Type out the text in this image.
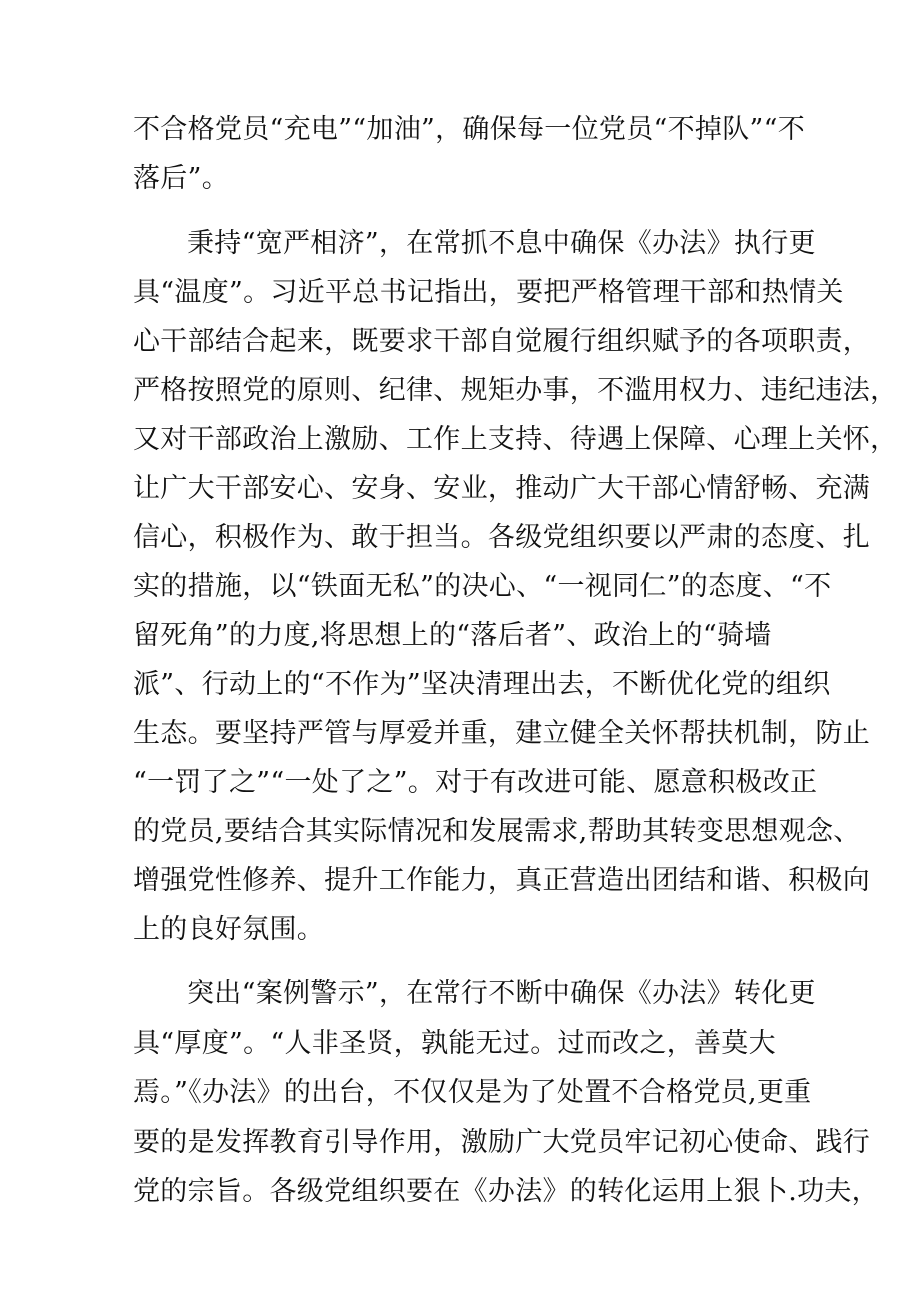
不合格党员“充电”“加油”，确保每一位党员“不掉队”“不
落后”。
秉持“宽严相济”，在常抓不息中确保《办法》执行更
具“温度”。习近平总书记指出，要把严格管理干部和热情关
心干部结合起来，既要求干部自觉履行组织赋予的各项职责，
严格按照党的原则、纪律、规矩办事，不滥用权力、违纪违法，
又对干部政治上激励、工作上支持、待遇上保障、心理上关怀，
让广大干部安心、安身、安业，推动广大干部心情舒畅、充满
信心，积极作为、敢于担当。各级党组织要以严肃的态度、扎
实的措施，以“铁面无私”的决心、“一视同仁”的态度、“不
留死角”的力度,将思想上的“落后者”、政治上的“骑墙
派”、行动上的“不作为”坚决清理出去，不断优化党的组织
生态。要坚持严管与厚爱并重，建立健全关怀帮扶机制，防止
“一罚了之”“一处了之”。对于有改进可能、愿意积极改正
的党员,要结合其实际情况和发展需求,帮助其转变思想观念、
增强党性修养、提升工作能力，真正营造出团结和谐、积极向
上的良好氛围。
突出“案例警示”，在常行不断中确保《办法》转化更
具“厚度”。“人非圣贤，孰能无过。过而改之，善莫大
焉。”《办法》的出台，不仅仅是为了处置不合格党员,更重
要的是发挥教育引导作用，激励广大党员牢记初心使命、践行
党的宗旨。各级党组织要在《办法》的转化运用上狠卜.功夫，
